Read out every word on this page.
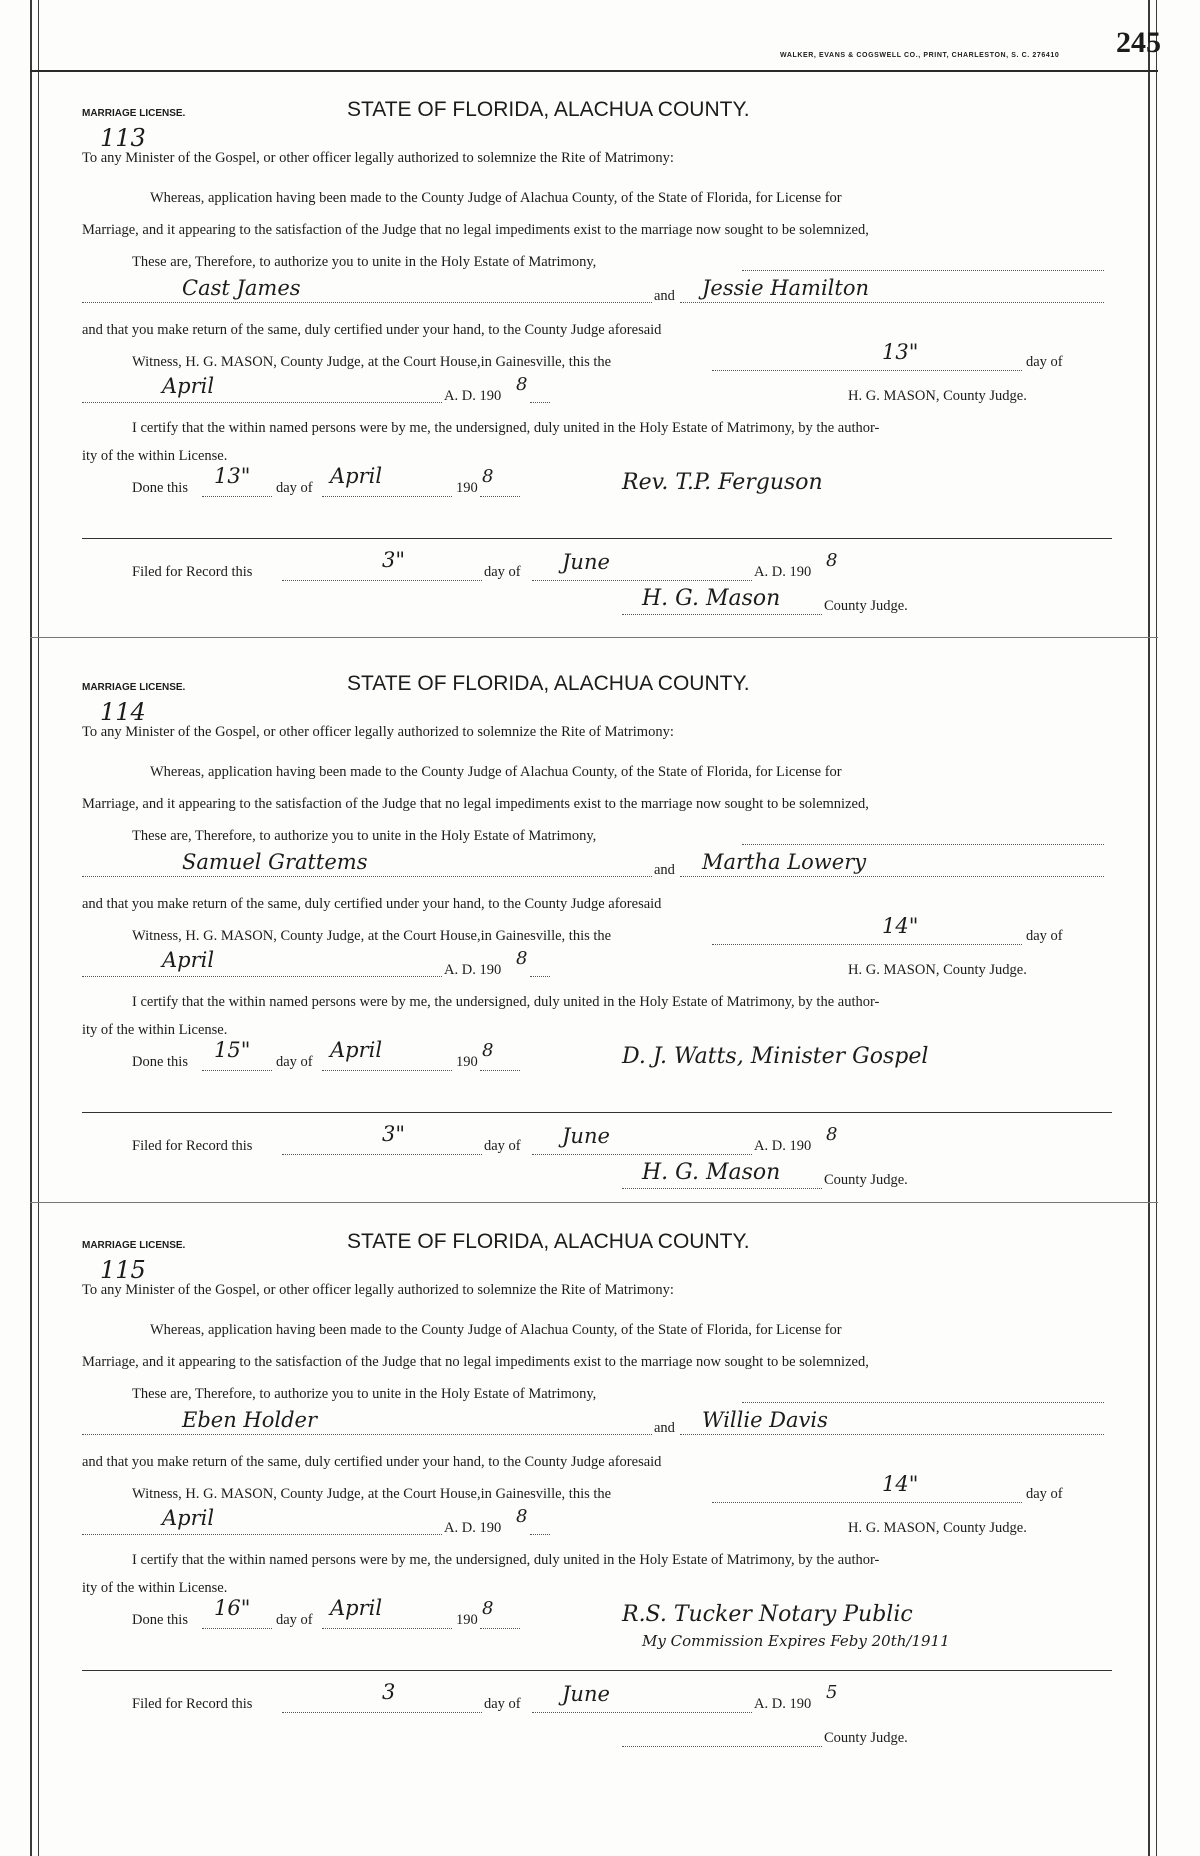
WALKER, EVANS & COGSWELL CO., PRINT, CHARLESTON, S. C. 276410 245
MARRIAGE LICENSE.
113
STATE OF FLORIDA, ALACHUA COUNTY.
To any Minister of the Gospel, or other officer legally authorized to solemnize the Rite of Matrimony:
Whereas, application having been made to the County Judge of Alachua County, of the State of Florida, for License for
Marriage, and it appearing to the satisfaction of the Judge that no legal impediments exist to the marriage now sought to be solemnized,
These are, Therefore, to authorize you to unite in the Holy Estate of Matrimony,
Cast James	and Jessie Hamilton
and that you make return of the same, duly certified under your hand, to the County Judge aforesaid
Witness, H. G. MASON, County Judge, at the Court House,in Gainesville, this the	13"	day of
April	A. D. 190
8
H. G. MASON, County Judge.
I certify that the within named persons were by me, the undersigned, duly united in the Holy Estate of Matrimony, by the author-
ity of the within License.
Done this 13" day of April	190
8	Rev. T.P. Ferguson
Filed for Record this	3"	day of June	A. D. 190
8
H. G. Mason	County Judge.
MARRIAGE LICENSE.
114
STATE OF FLORIDA, ALACHUA COUNTY.
To any Minister of the Gospel, or other officer legally authorized to solemnize the Rite of Matrimony:
Whereas, application having been made to the County Judge of Alachua County, of the State of Florida, for License for
Marriage, and it appearing to the satisfaction of the Judge that no legal impediments exist to the marriage now sought to be solemnized,
These are, Therefore, to authorize you to unite in the Holy Estate of Matrimony,
Samuel Grattems	and Martha Lowery
and that you make return of the same, duly certified under your hand, to the County Judge aforesaid
Witness, H. G. MASON, County Judge, at the Court House,in Gainesville, this the	14"	day of
April	A. D. 190
8
H. G. MASON, County Judge.
I certify that the within named persons were by me, the undersigned, duly united in the Holy Estate of Matrimony, by the author-
ity of the within License.
Done this 15" day of April	190
8	D. J. Watts, Minister Gospel
Filed for Record this	3"	day of June	A. D. 190
8
H. G. Mason	County Judge.
MARRIAGE LICENSE.
115
STATE OF FLORIDA, ALACHUA COUNTY.
To any Minister of the Gospel, or other officer legally authorized to solemnize the Rite of Matrimony:
Whereas, application having been made to the County Judge of Alachua County, of the State of Florida, for License for
Marriage, and it appearing to the satisfaction of the Judge that no legal impediments exist to the marriage now sought to be solemnized,
These are, Therefore, to authorize you to unite in the Holy Estate of Matrimony,
Eben Holder	and Willie Davis
and that you make return of the same, duly certified under your hand, to the County Judge aforesaid
Witness, H. G. MASON, County Judge, at the Court House,in Gainesville, this the	14"	day of
April	A. D. 190
8
H. G. MASON, County Judge.
I certify that the within named persons were by me, the undersigned, duly united in the Holy Estate of Matrimony, by the author-
ity of the within License.
Done this 16" day of April	190
8	R.S. Tucker Notary Public
My Commission Expires Feby 20th/1911
Filed for Record this	3	day of June	A. D. 190
5
County Judge.
